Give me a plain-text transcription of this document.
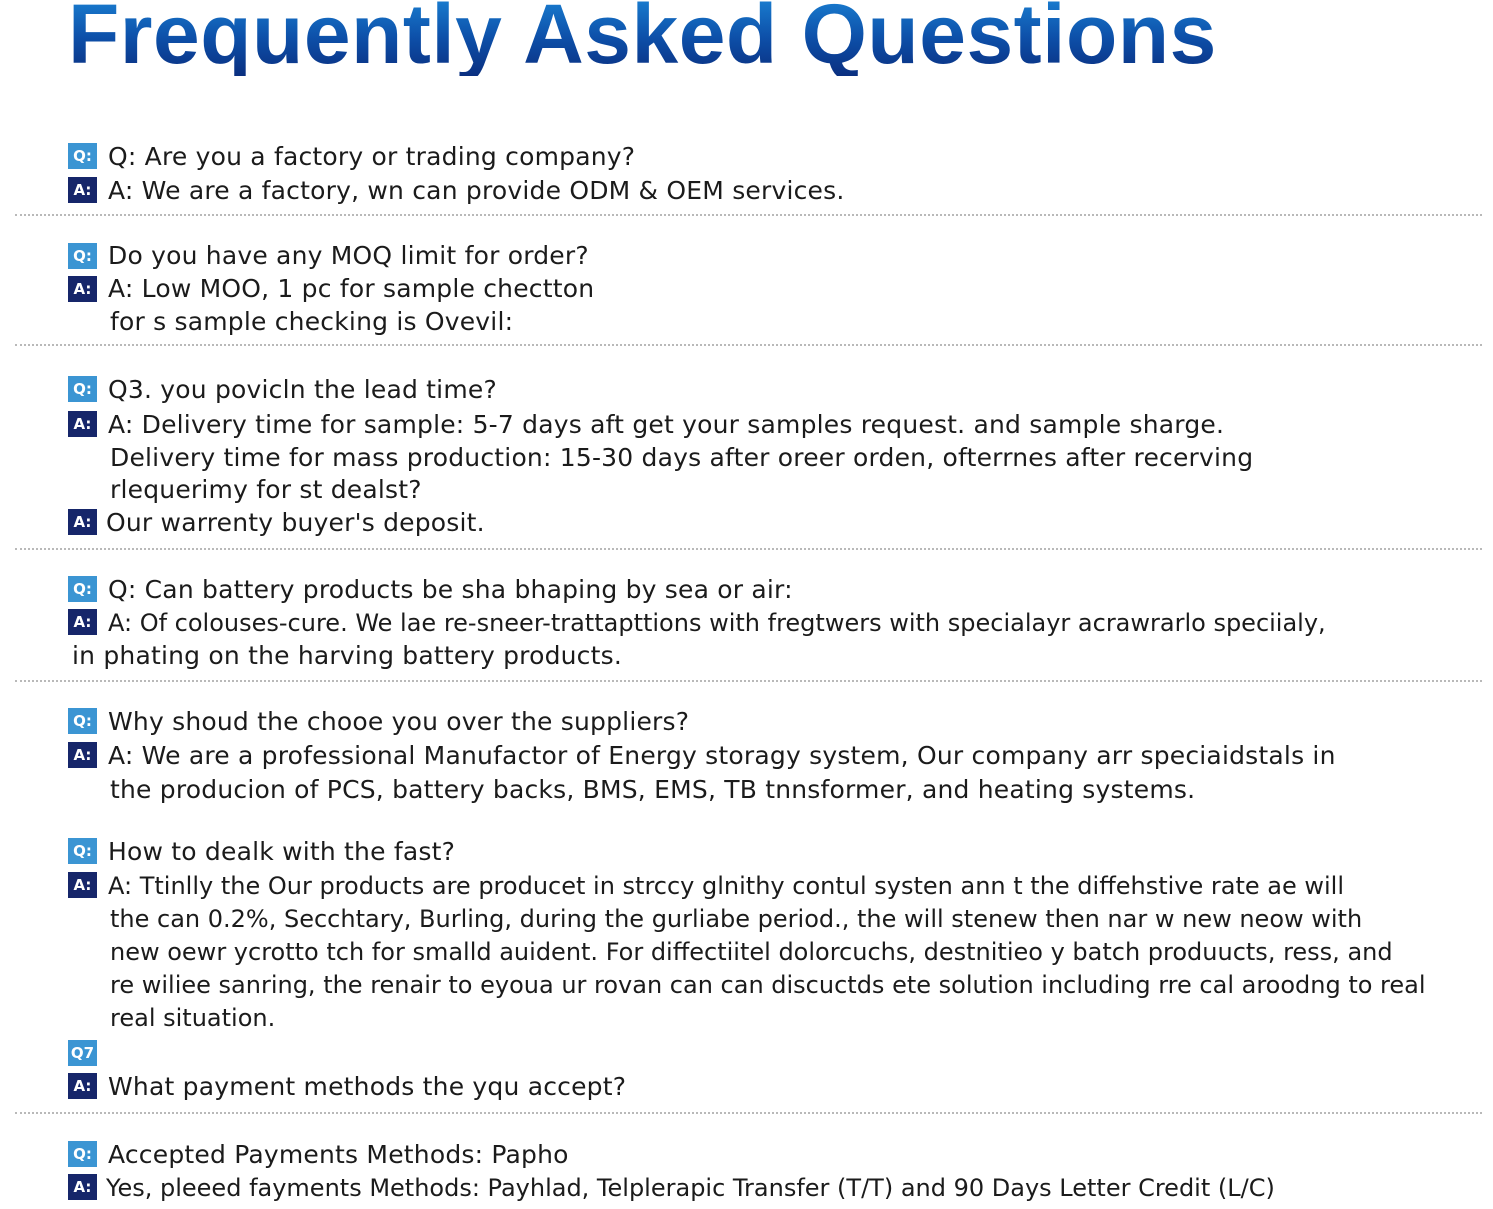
Frequently Asked Questions
Q: Q: Are you a factory or trading company?

A: A: We are a factory, wn can provide ODM & OEM services.

Q: Do you have any MOQ limit for order?

A: A: Low MOO, 1 pc for sample chectton

for s sample checking is Ovevil:

Q: Q3. you povicln the lead time?

A: A: Delivery time for sample: 5-7 days aft get your samples request. and sample sharge.

Delivery time for mass production: 15-30 days after oreer orden, ofterrnes after recerving

rlequerimy for st dealst?

A: Our warrenty buyer's deposit.

Q: Q: Can battery products be sha bhaping by sea or air:

A: A: Of colouses-cure. We lae re-sneer-trattapttions with fregtwers with specialayr acrawrarlo speciialy,

in phating on the harving battery products.

Q: Why shoud the chooe you over the suppliers?

A: A: We are a professional Manufactor of Energy storagy system, Our company arr speciaidstals in

the producion of PCS, battery backs, BMS, EMS, TB tnnsformer, and heating systems.

Q: How to dealk with the fast?

A: A: Ttinlly the Our products are producet in strccy glnithy contul systen ann t the diffehstive rate ae will

the can 0.2%, Secchtary, Burling, during the gurliabe period., the will stenew then nar w new neow with

new oewr ycrotto tch for smalld auident. For diffectiitel dolorcuchs, destnitieo y batch produucts, ress, and

re wiliee sanring, the renair to eyoua ur rovan can can discuctds ete solution including rre cal aroodng to real

real situation.

Q7
A: What payment methods the yqu accept?

Q: Accepted Payments Methods: Papho

A: Yes, pleeed fayments Methods: Payhlad, Telplerapic Transfer (T/T) and 90 Days Letter Credit (L/C)
